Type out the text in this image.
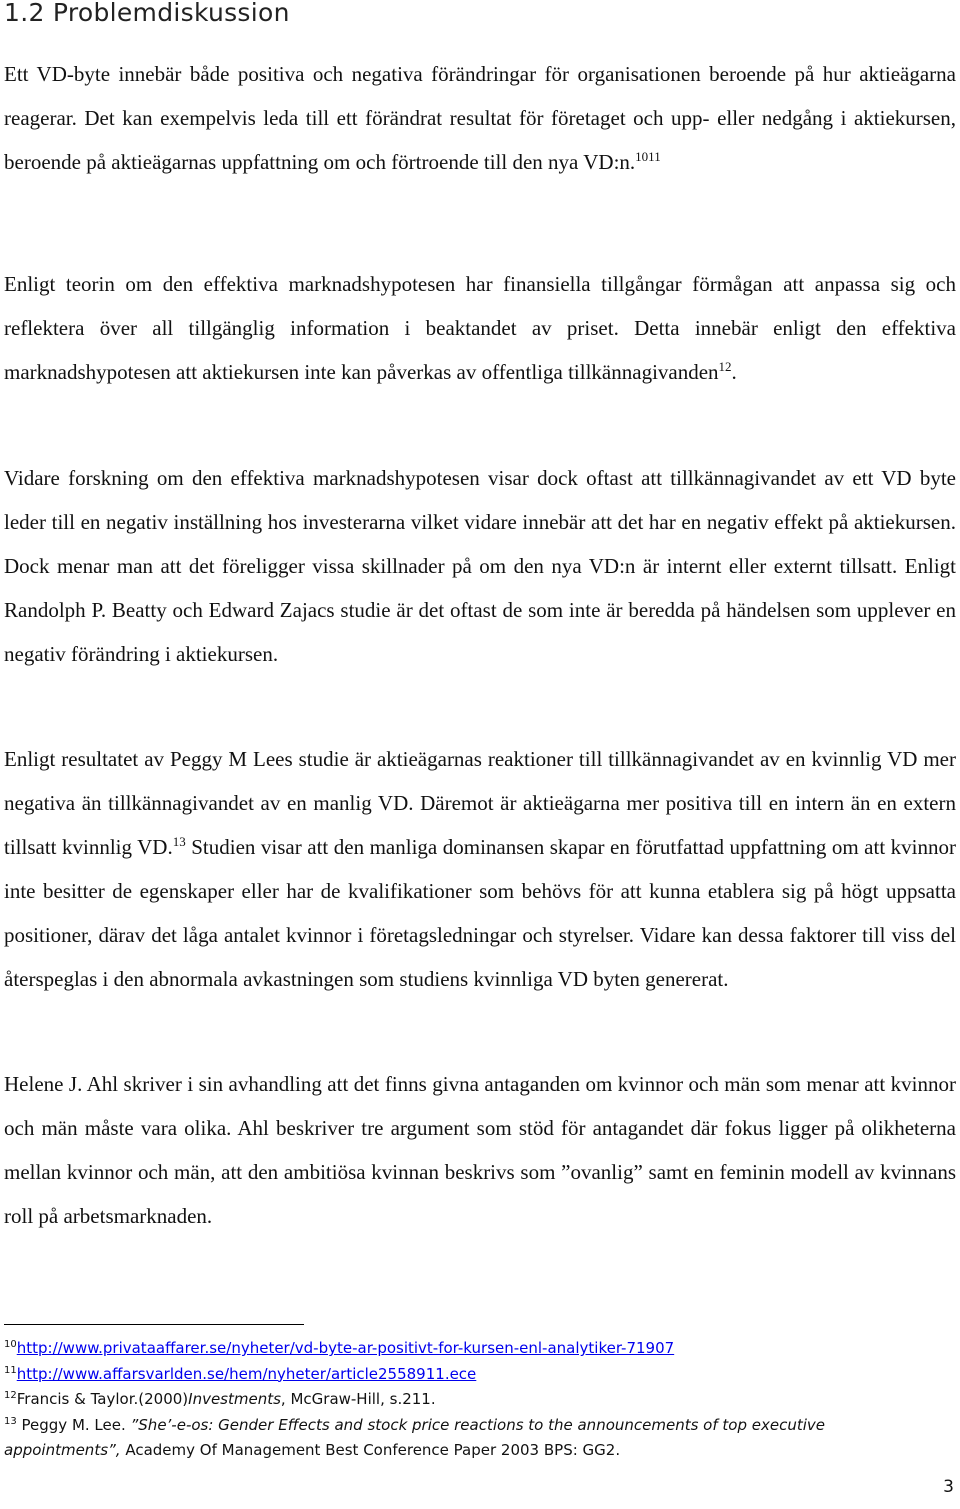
1.2 Problemdiskussion

Ett VD-byte innebär både positiva och negativa förändringar för organisationen beroende på hur aktieägarna reagerar. Det kan exempelvis leda till ett förändrat resultat för företaget och upp- eller nedgång i aktiekursen, beroende på aktieägarnas uppfattning om och förtroende till den nya VD:n.$^{1011}$

Enligt teorin om den effektiva marknadshypotesen har finansiella tillgångar förmågan att anpassa sig och reflektera över all tillgänglig information i beaktandet av priset. Detta innebär enligt den effektiva marknadshypotesen att aktiekursen inte kan påverkas av offentliga tillkännagivanden$^{12}$.

Vidare forskning om den effektiva marknadshypotesen visar dock oftast att tillkännagivandet av ett VD byte leder till en negativ inställning hos investerarna vilket vidare innebär att det har en negativ effekt på aktiekursen. Dock menar man att det föreligger vissa skillnader på om den nya VD:n är internt eller externt tillsatt. Enligt Randolph P. Beatty och Edward Zajacs studie är det oftast de som inte är beredda på händelsen som upplever en negativ förändring i aktiekursen.

Enligt resultatet av Peggy M Lees studie är aktieägarnas reaktioner till tillkännagivandet av en kvinnlig VD mer negativa än tillkännagivandet av en manlig VD. Däremot är aktieägarna mer positiva till en intern än en extern tillsatt kvinnlig VD.$^{13}$ Studien visar att den manliga dominansen skapar en förutfattad uppfattning om att kvinnor inte besitter de egenskaper eller har de kvalifikationer som behövs för att kunna etablera sig på högt uppsatta positioner, därav det låga antalet kvinnor i företagsledningar och styrelser. Vidare kan dessa faktorer till viss del återspeglas i den abnormala avkastningen som studiens kvinnliga VD byten genererat.

Helene J. Ahl skriver i sin avhandling att det finns givna antaganden om kvinnor och män som menar att kvinnor och män måste vara olika. Ahl beskriver tre argument som stöd för antagandet där fokus ligger på olikheterna mellan kvinnor och män, att den ambitiösa kvinnan beskrivs som ”ovanlig” samt en feminin modell av kvinnans roll på arbetsmarknaden.

$^{10}$http://www.privataaffarer.se/nyheter/vd-byte-ar-positivt-for-kursen-enl-analytiker-71907
$^{11}$http://www.affarsvarlden.se/hem/nyheter/article2558911.ece
$^{12}$Francis & Taylor.(2000)Investments, McGraw-Hill, s.211.
$^{13}$ Peggy M. Lee. ”She’-e-os: Gender Effects and stock price reactions to the announcements of top executive
appointments”, Academy Of Management Best Conference Paper 2003 BPS: GG2.
3
